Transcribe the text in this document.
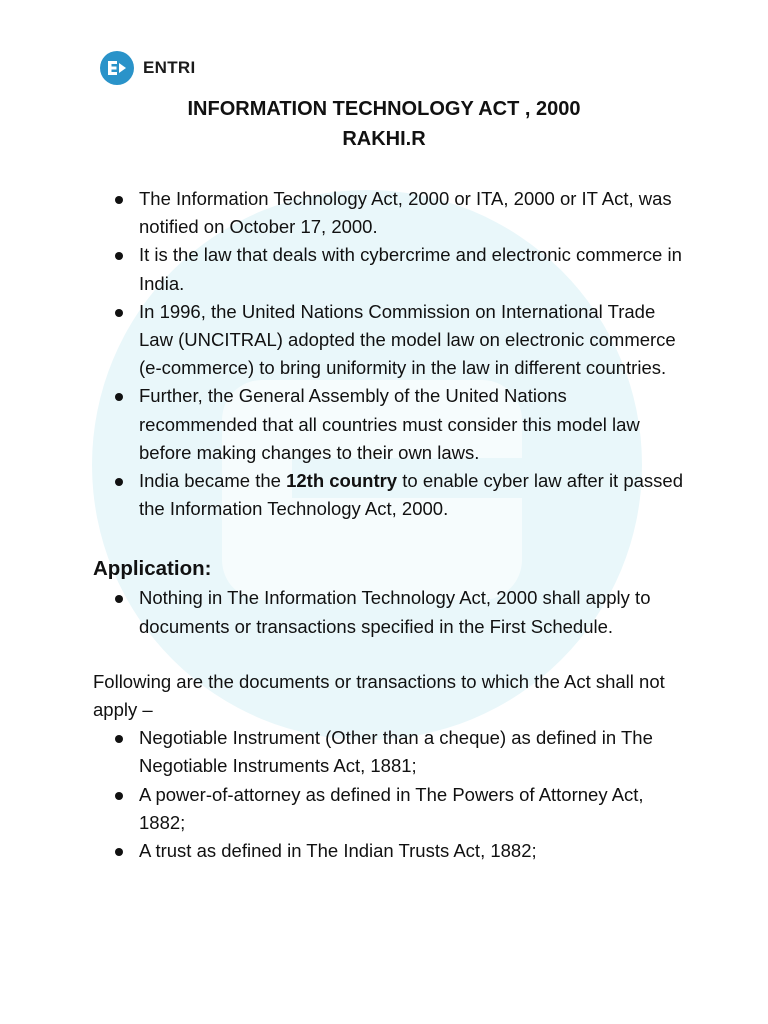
ENTRI
INFORMATION TECHNOLOGY ACT , 2000
RAKHI.R
The Information Technology Act, 2000 or ITA, 2000 or IT Act, was notified on October 17, 2000.
It is the law that deals with cybercrime and electronic commerce in India.
In 1996, the United Nations Commission on International Trade Law (UNCITRAL) adopted the model law on electronic commerce (e-commerce) to bring uniformity in the law in different countries.
Further, the General Assembly of the United Nations recommended that all countries must consider this model law before making changes to their own laws.
India became the 12th country to enable cyber law after it passed the Information Technology Act, 2000.
Application:
Nothing in The Information Technology Act, 2000 shall apply to documents or transactions specified in the First Schedule.
Following are the documents or transactions to which the Act shall not apply –
Negotiable Instrument (Other than a cheque) as defined in The Negotiable Instruments Act, 1881;
A power-of-attorney as defined in The Powers of Attorney Act, 1882;
A trust as defined in The Indian Trusts Act, 1882;
